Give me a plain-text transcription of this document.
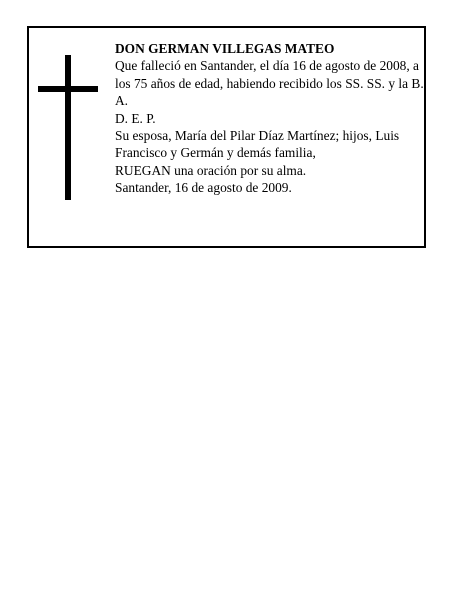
DON GERMAN VILLEGAS MATEO

Que falleció en Santander, el día 16 de agosto de 2008, a los 75 años de edad, habiendo recibido los SS. SS. y la B. A.

D. E. P.

Su esposa, María del Pilar Díaz Martínez; hijos, Luis Francisco y Germán y demás familia,

RUEGAN una oración por su alma.

Santander, 16 de agosto de 2009.
